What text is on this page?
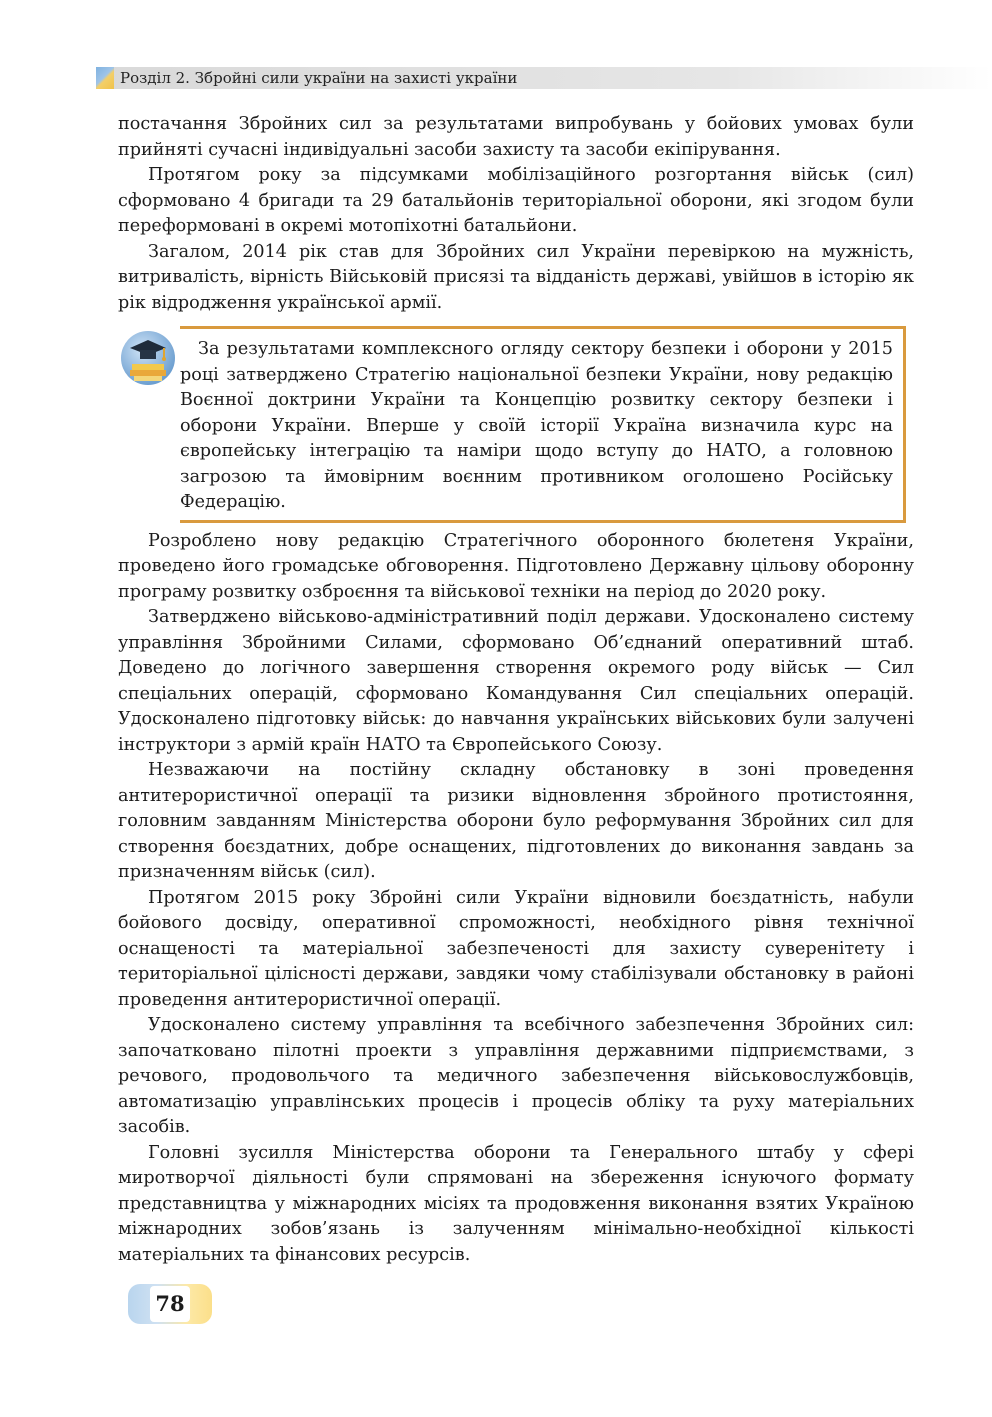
Розділ 2. Збройні сили україни на захисті україни

постачання Збройних сил за результатами випробувань у бойових умовах були прийняті сучасні індивідуальні засоби захисту та засоби екіпірування.

Протягом року за підсумками мобілізаційного розгортання військ (сил) сформовано 4 бригади та 29 батальйонів територіальної оборони, які згодом були переформовані в окремі мотопіхотні батальйони.

Загалом, 2014 рік став для Збройних сил України перевіркою на мужність, витривалість, вірність Військовій присязі та відданість державі, увійшов в історію як рік відродження української армії.

За результатами комплексного огляду сектору безпеки і оборони у 2015 році затверджено Стратегію національної безпеки України, нову редакцію Воєнної доктрини України та Концепцію розвитку сектору безпеки і оборони України. Вперше у своїй історії Україна визначила курс на європейську інтеграцію та наміри щодо вступу до НАТО, а головною загрозою та ймовірним воєнним противником оголошено Російську Федерацію.

Розроблено нову редакцію Стратегічного оборонного бюлетеня України, проведено його громадське обговорення. Підготовлено Державну цільову оборонну програму розвитку озброєння та військової техніки на період до 2020 року.

Затверджено військово-адміністративний поділ держави. Удосконалено систему управління Збройними Силами, сформовано Об’єднаний оперативний штаб. Доведено до логічного завершення створення окремого роду військ — Сил спеціальних операцій, сформовано Командування Сил спеціальних операцій. Удосконалено підготовку військ: до навчання українських військових були залучені інструктори з армій країн НАТО та Європейського Союзу.

Незважаючи на постійну складну обстановку в зоні проведення антитерористичної операції та ризики відновлення збройного протистояння, головним завданням Міністерства оборони було реформування Збройних сил для створення боєздатних, добре оснащених, підготовлених до виконання завдань за призначенням військ (сил).

Протягом 2015 року Збройні сили України відновили боєздатність, набули бойового досвіду, оперативної спроможності, необхідного рівня технічної оснащеності та матеріальної забезпеченості для захисту суверенітету і територіальної цілісності держави, завдяки чому стабілізували обстановку в районі проведення антитерористичної операції.

Удосконалено систему управління та всебічного забезпечення Збройних сил: започатковано пілотні проекти з управління державними підприємствами, з речового, продовольчого та медичного забезпечення військовослужбовців, автоматизацію управлінських процесів і процесів обліку та руху матеріальних засобів.

Головні зусилля Міністерства оборони та Генерального штабу у сфері миротворчої діяльності були спрямовані на збереження існуючого формату представництва у міжнародних місіях та продовження виконання взятих Україною міжнародних зобов’язань із залученням мінімально-необхідної кількості матеріальних та фінансових ресурсів.

78
